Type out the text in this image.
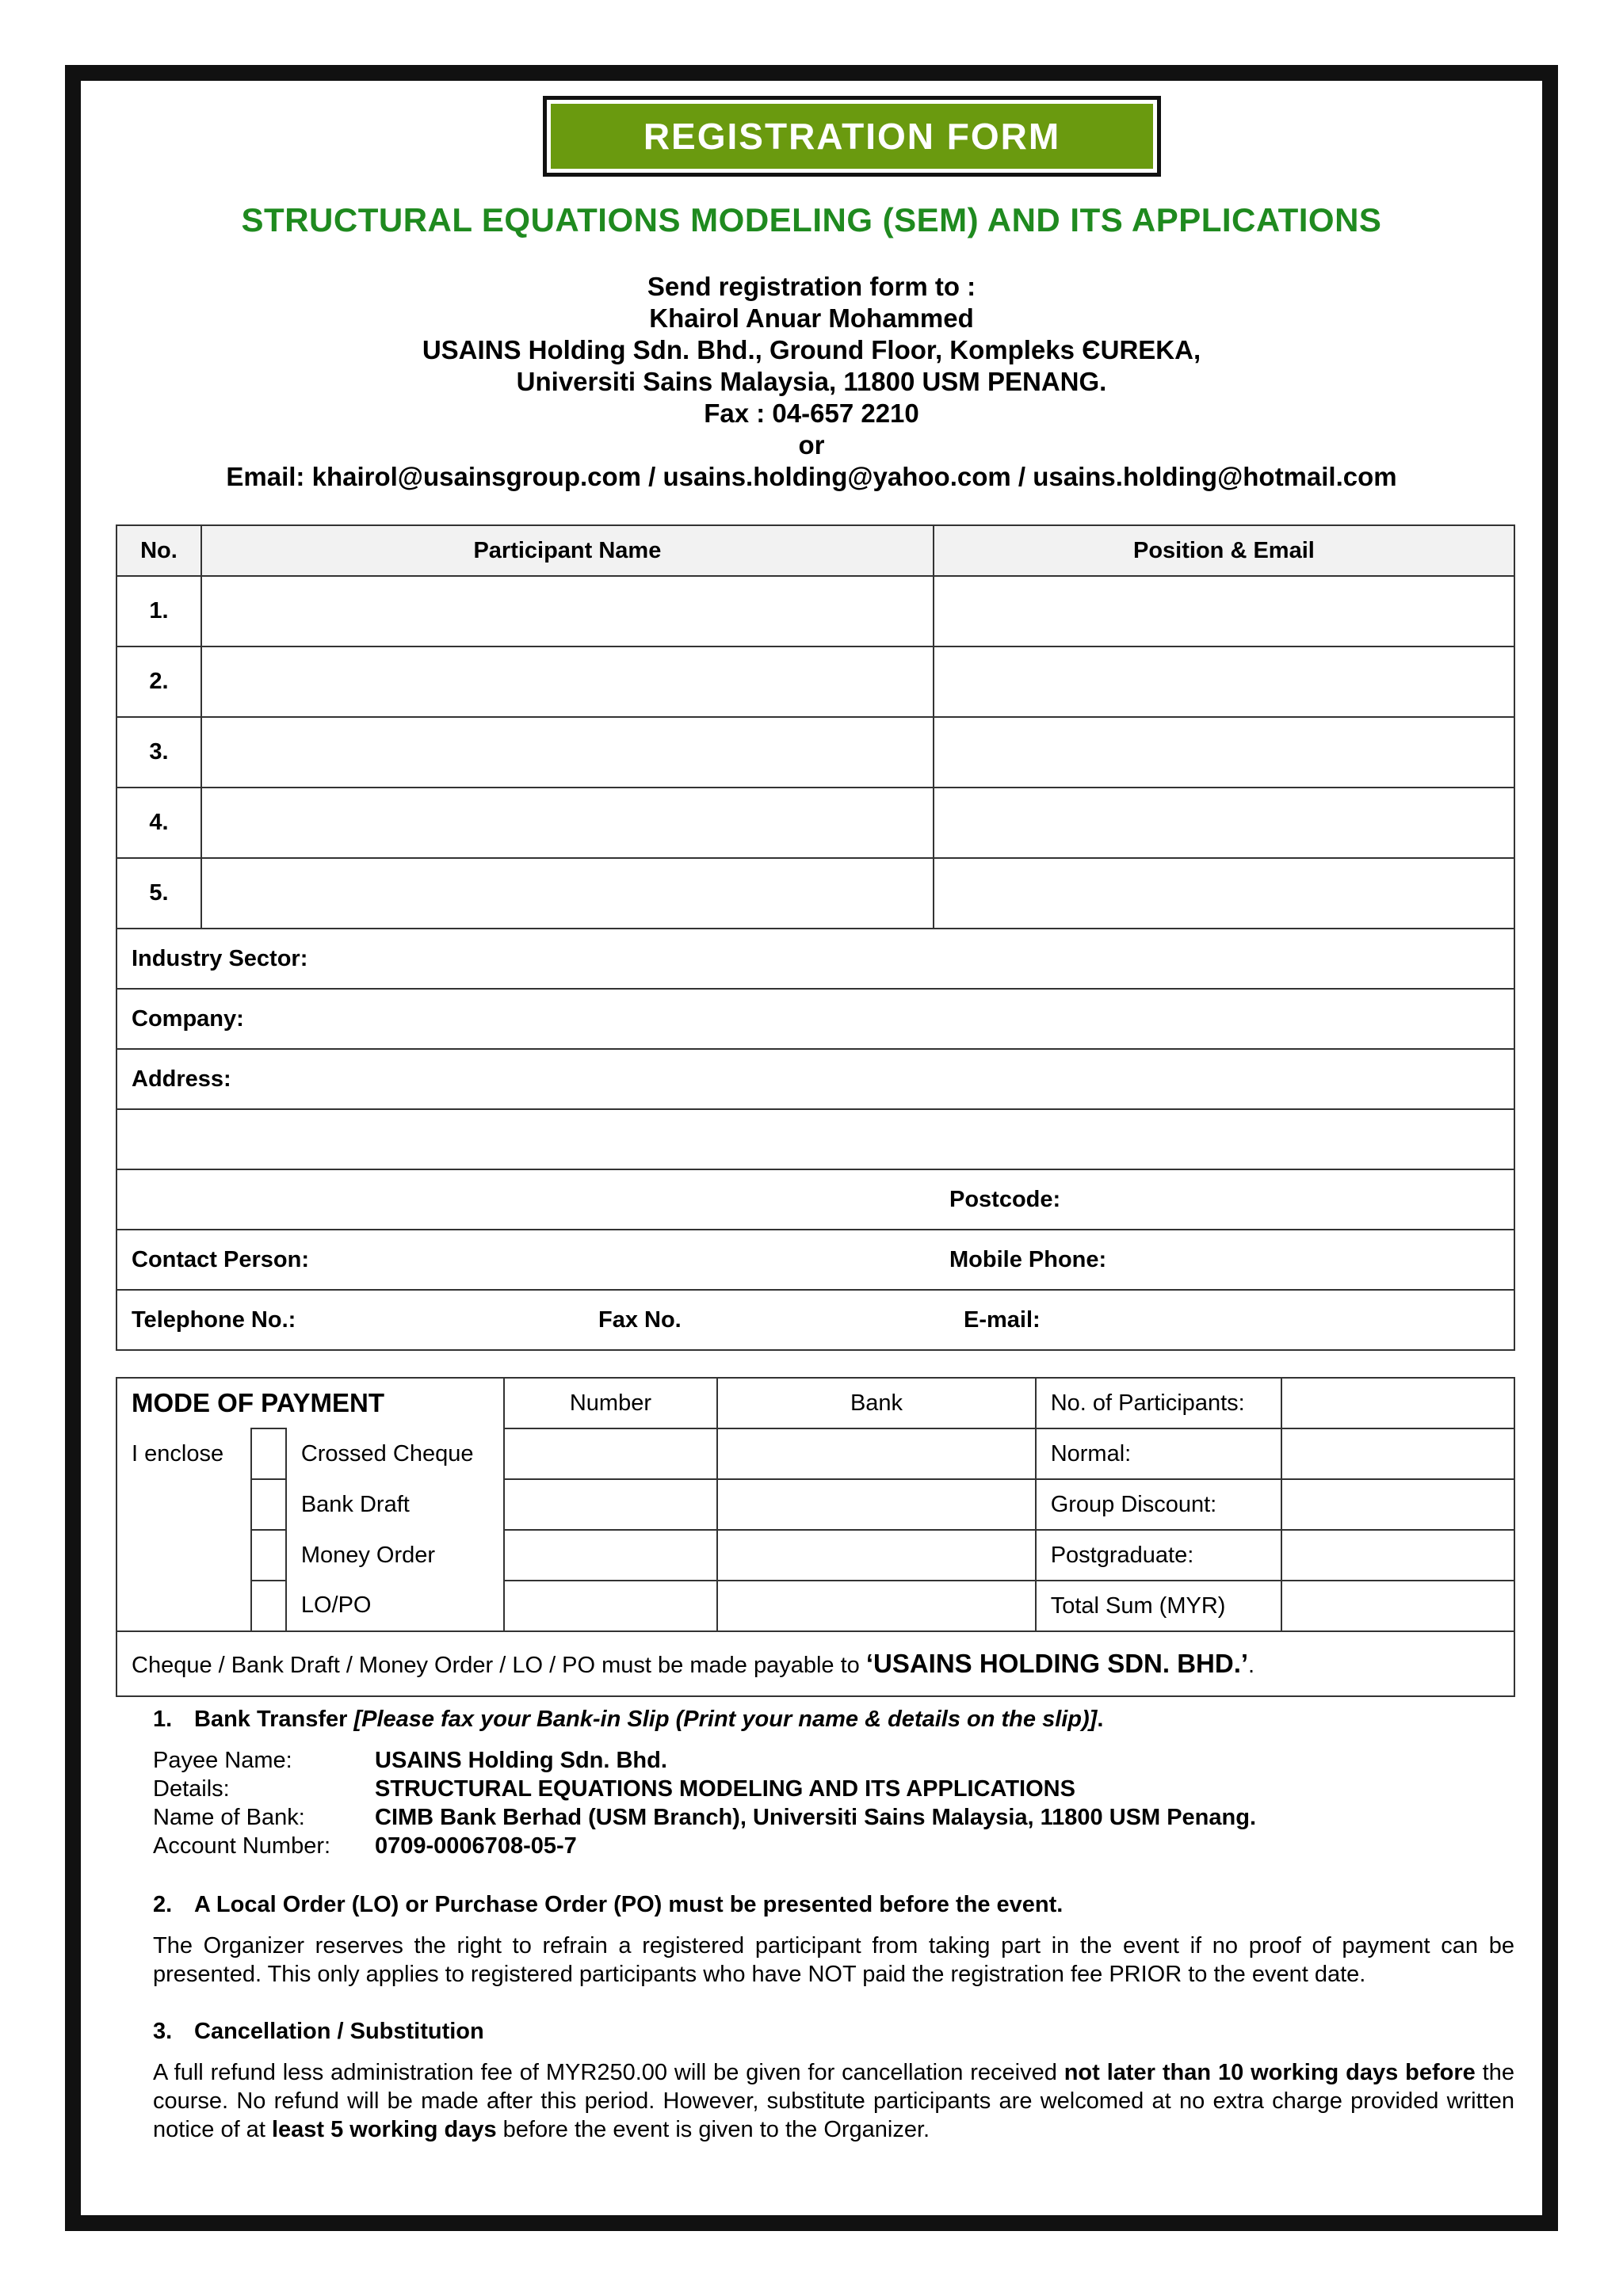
REGISTRATION FORM
STRUCTURAL EQUATIONS MODELING (SEM) AND ITS APPLICATIONS
Send registration form to :
Khairol Anuar Mohammed
USAINS Holding Sdn. Bhd., Ground Floor, Kompleks ЄUREKA,
Universiti Sains Malaysia, 11800 USM PENANG.
Fax : 04-657 2210
or
Email: khairol@usainsgroup.com / usains.holding@yahoo.com / usains.holding@hotmail.com
No.	Participant Name	Position & Email
1.		
2.		
3.		
4.		
5.		
Industry Sector:		
Company:		
Address:		

Postcode:		

Contact Person: Mobile Phone:		

Telephone No.: Fax No. E-mail:		
MODE OF PAYMENT			Number	Bank	No. of Participants:	
I enclose		Crossed Cheque			Normal:	
		Bank Draft			Group Discount:	
		Money Order			Postgraduate:	
		LO/PO			Total Sum (MYR)	
Cheque / Bank Draft / Money Order / LO / PO must be made payable to ‘USAINS HOLDING SDN. BHD.’.						
1. Bank Transfer [Please fax your Bank-in Slip (Print your name & details on the slip)].
Payee Name:	USAINS Holding Sdn. Bhd.
Details:	STRUCTURAL EQUATIONS MODELING AND ITS APPLICATIONS
Name of Bank:	CIMB Bank Berhad (USM Branch), Universiti Sains Malaysia, 11800 USM Penang.
Account Number:	0709-0006708-05-7
2. A Local Order (LO) or Purchase Order (PO) must be presented before the event.
The Organizer reserves the right to refrain a registered participant from taking part in the event if no proof of payment can be presented. This only applies to registered participants who have NOT paid the registration fee PRIOR to the event date.
3. Cancellation / Substitution
A full refund less administration fee of MYR250.00 will be given for cancellation received not later than 10 working days before the course. No refund will be made after this period. However, substitute participants are welcomed at no extra charge provided written notice of at least 5 working days before the event is given to the Organizer.
